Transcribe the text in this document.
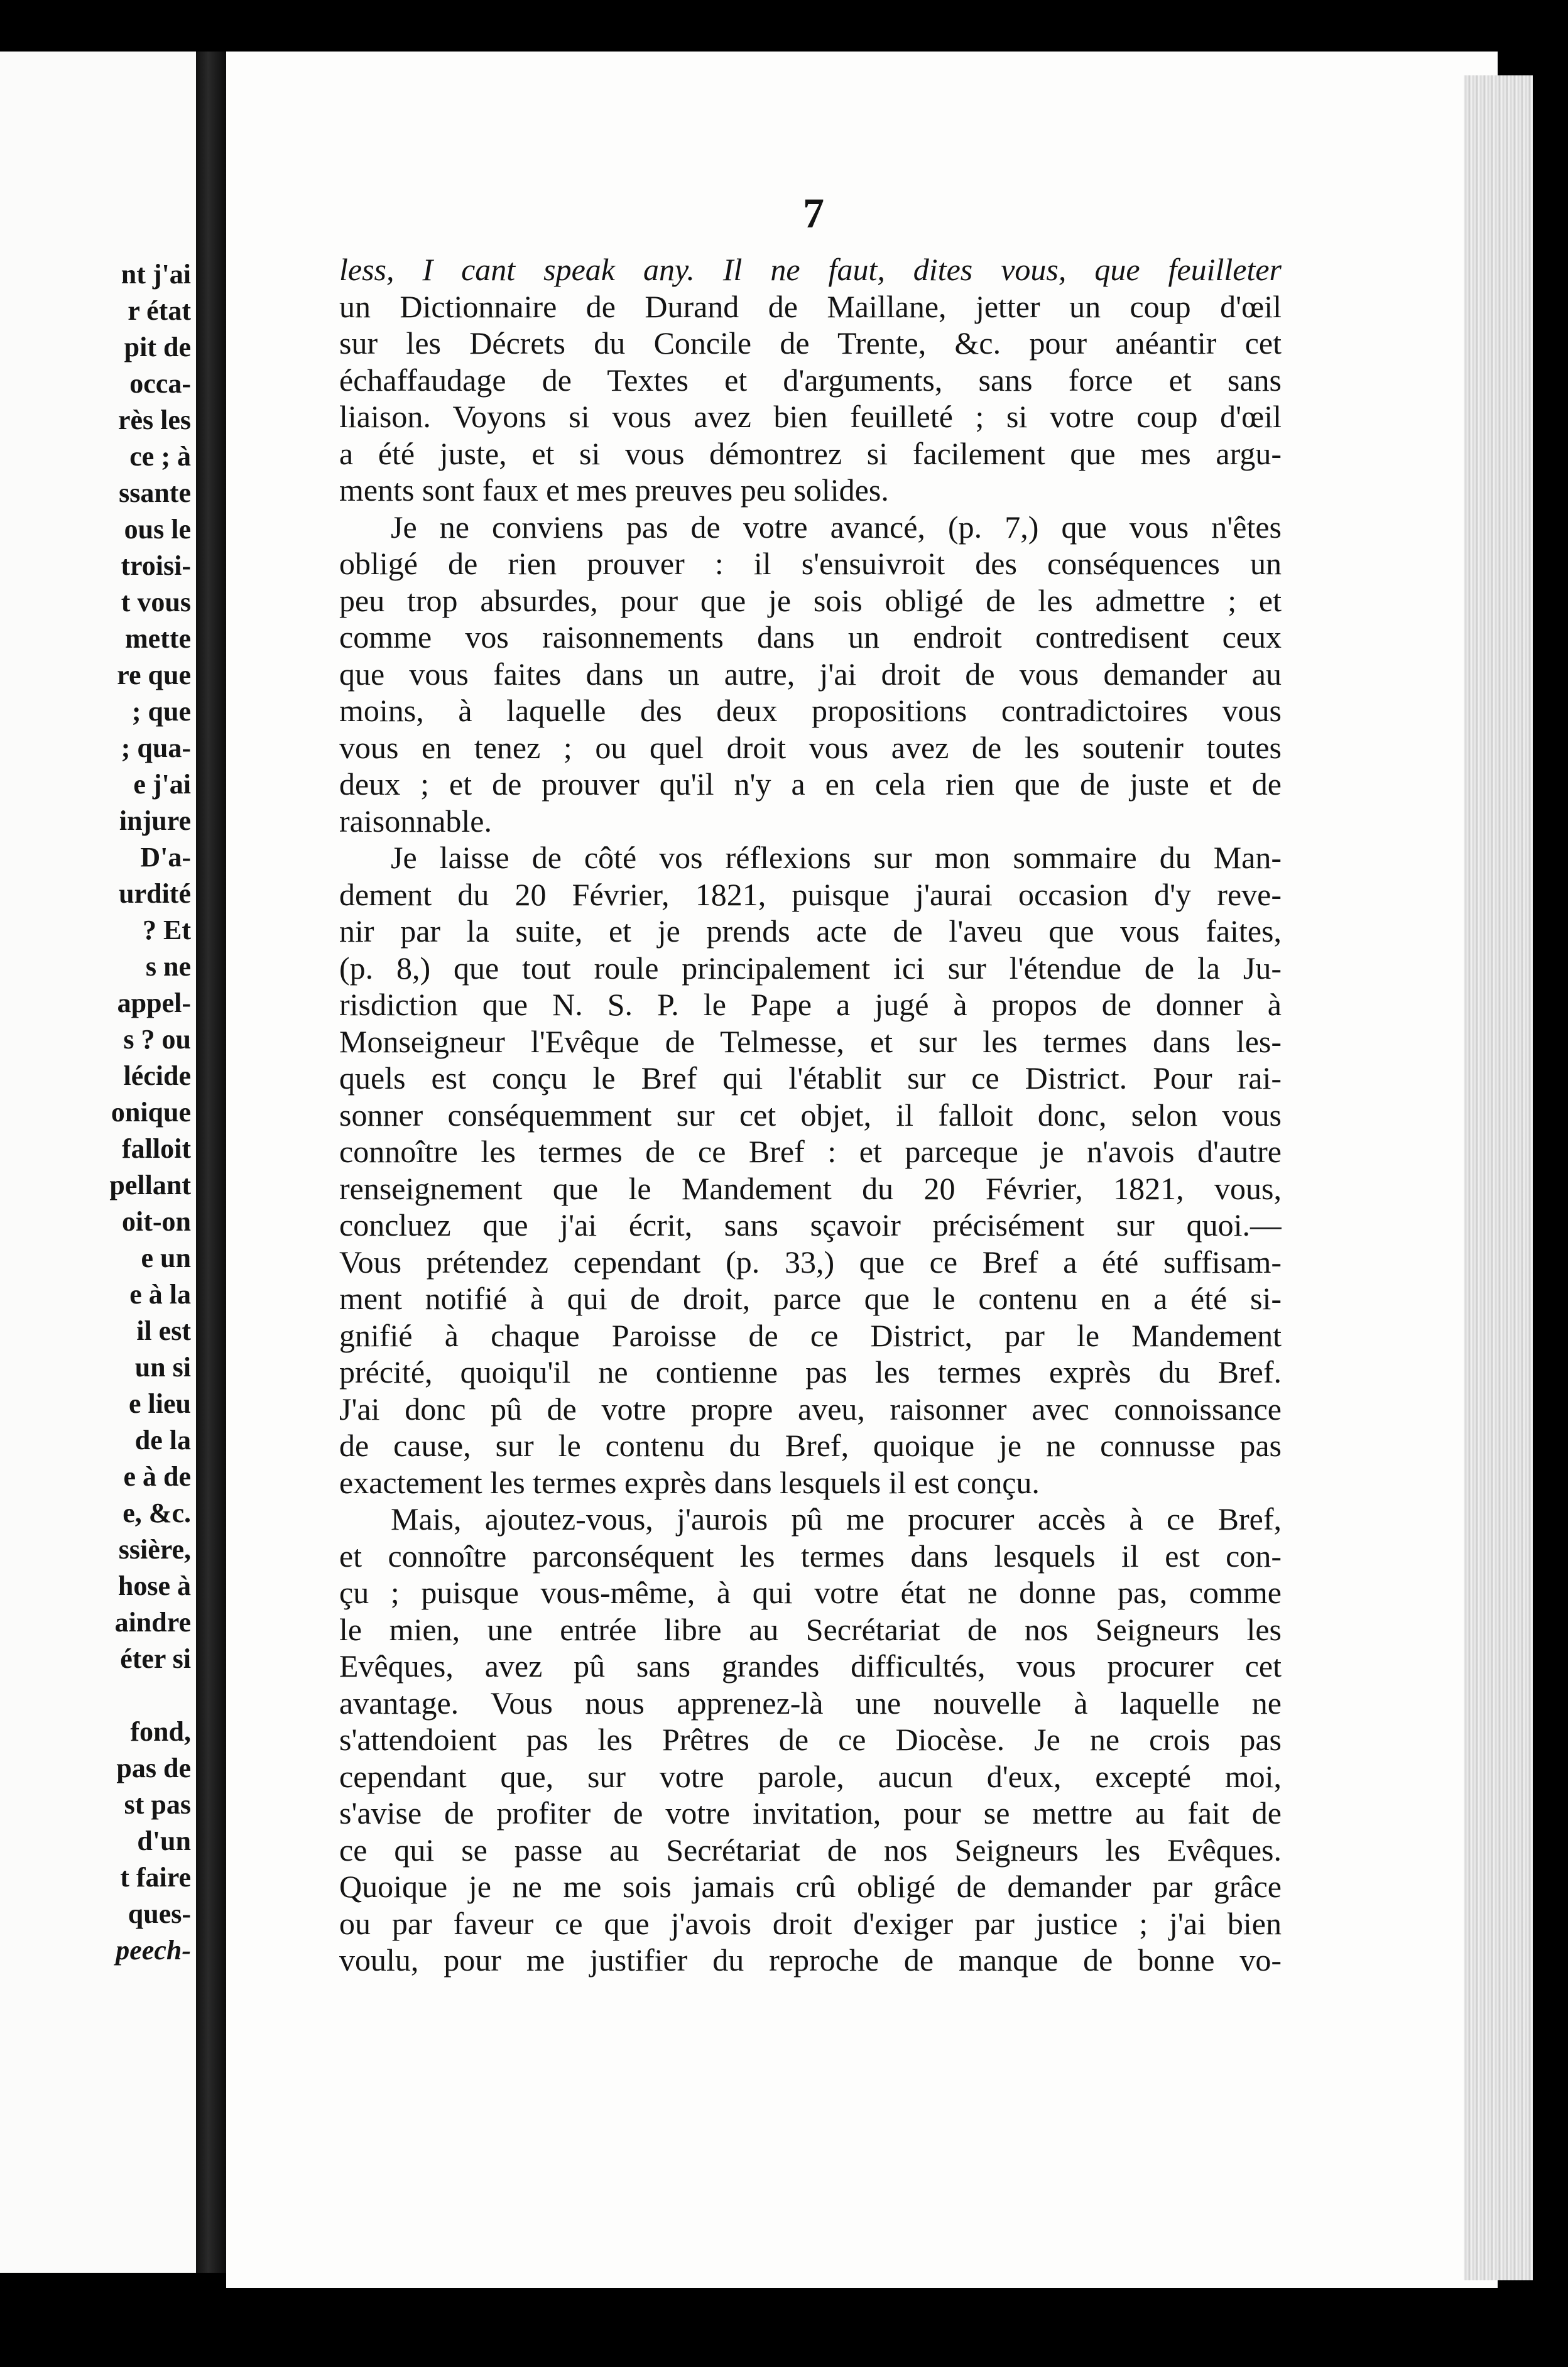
nt j'ai
r état
pit de
occa-
rès les
ce ; à
ssante
ous le
troisi-
t vous
mette
re que
; que
; qua-
e j'ai
injure
D'a-
urdité
? Et
s ne
appel-
s ? ou
lécide
onique
falloit
pellant
oit-on
e un
e à la
il est
un si
e lieu
de la
e à de
e, &c.
ssière,
hose à
aindre
éter si
fond,
pas de
st pas
d'un
t faire
ques-
peech-
7
less, I cant speak any. Il ne faut, dites vous, que feuilleter
un Dictionnaire de Durand de Maillane, jetter un coup d'œil
sur les Décrets du Concile de Trente, &c. pour anéantir cet
échaffaudage de Textes et d'arguments, sans force et sans
liaison. Voyons si vous avez bien feuilleté ; si votre coup d'œil
a été juste, et si vous démontrez si facilement que mes argu-
ments sont faux et mes preuves peu solides.
Je ne conviens pas de votre avancé, (p. 7,) que vous n'êtes
obligé de rien prouver : il s'ensuivroit des conséquences un
peu trop absurdes, pour que je sois obligé de les admettre ; et
comme vos raisonnements dans un endroit contredisent ceux
que vous faites dans un autre, j'ai droit de vous demander au
moins, à laquelle des deux propositions contradictoires vous
vous en tenez ; ou quel droit vous avez de les soutenir toutes
deux ; et de prouver qu'il n'y a en cela rien que de juste et de
raisonnable.
Je laisse de côté vos réflexions sur mon sommaire du Man-
dement du 20 Février, 1821, puisque j'aurai occasion d'y reve-
nir par la suite, et je prends acte de l'aveu que vous faites,
(p. 8,) que tout roule principalement ici sur l'étendue de la Ju-
risdiction que N. S. P. le Pape a jugé à propos de donner à
Monseigneur l'Evêque de Telmesse, et sur les termes dans les-
quels est conçu le Bref qui l'établit sur ce District. Pour rai-
sonner conséquemment sur cet objet, il falloit donc, selon vous
connoître les termes de ce Bref : et parceque je n'avois d'autre
renseignement que le Mandement du 20 Février, 1821, vous,
concluez que j'ai écrit, sans sçavoir précisément sur quoi.—
Vous prétendez cependant (p. 33,) que ce Bref a été suffisam-
ment notifié à qui de droit, parce que le contenu en a été si-
gnifié à chaque Paroisse de ce District, par le Mandement
précité, quoiqu'il ne contienne pas les termes exprès du Bref.
J'ai donc pû de votre propre aveu, raisonner avec connoissance
de cause, sur le contenu du Bref, quoique je ne connusse pas
exactement les termes exprès dans lesquels il est conçu.
Mais, ajoutez-vous, j'aurois pû me procurer accès à ce Bref,
et connoître parconséquent les termes dans lesquels il est con-
çu ; puisque vous-même, à qui votre état ne donne pas, comme
le mien, une entrée libre au Secrétariat de nos Seigneurs les
Evêques, avez pû sans grandes difficultés, vous procurer cet
avantage. Vous nous apprenez-là une nouvelle à laquelle ne
s'attendoient pas les Prêtres de ce Diocèse. Je ne crois pas
cependant que, sur votre parole, aucun d'eux, excepté moi,
s'avise de profiter de votre invitation, pour se mettre au fait de
ce qui se passe au Secrétariat de nos Seigneurs les Evêques.
Quoique je ne me sois jamais crû obligé de demander par grâce
ou par faveur ce que j'avois droit d'exiger par justice ; j'ai bien
voulu, pour me justifier du reproche de manque de bonne vo-
